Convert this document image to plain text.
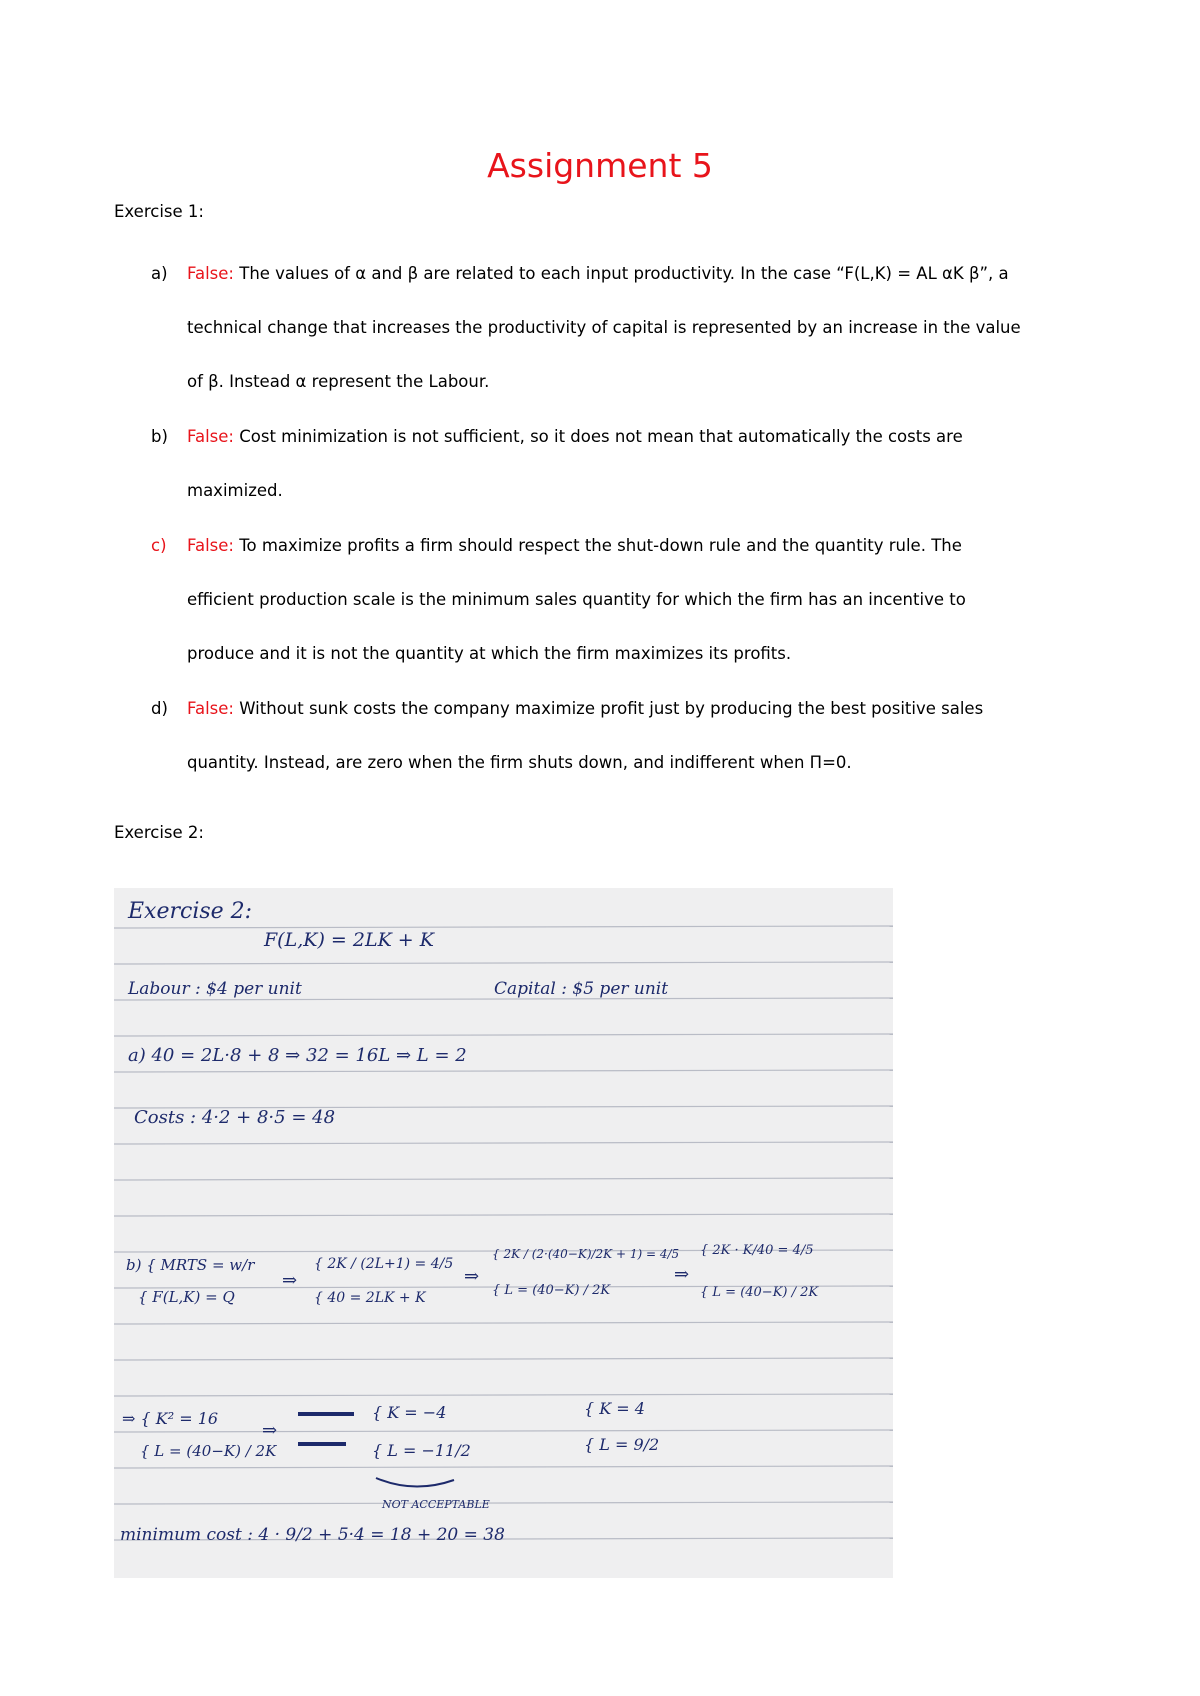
Assignment 5
Exercise 1:
a) False: The values of α and β are related to each input productivity. In the case “F(L,K) = AL αK β”, a
technical change that increases the productivity of capital is represented by an increase in the value
of β. Instead α represent the Labour.
b) False: Cost minimization is not sufficient, so it does not mean that automatically the costs are
maximized.
c) False: To maximize profits a firm should respect the shut-down rule and the quantity rule. The
efficient production scale is the minimum sales quantity for which the firm has an incentive to
produce and it is not the quantity at which the firm maximizes its profits.
d) False: Without sunk costs the company maximize profit just by producing the best positive sales
quantity. Instead, are zero when the firm shuts down, and indifferent when Π=0.
Exercise 2:
Exercise 2:
F(L,K) = 2LK + K
Labour : $4 per unit	Capital : $5 per unit
a) 40 = 2L·8 + 8 ⇒ 32 = 16L ⇒ L = 2
Costs : 4·2 + 8·5 = 48
b) { MRTS = w/r
{ F(L,K) = Q
⇒
{ 2K / (2L+1) = 4/5
{ 40 = 2LK + K
⇒
{ 2K / (2·(40−K)/2K + 1) = 4/5
{ L = (40−K) / 2K
⇒
{ 2K · K/40 = 4/5
{ L = (40−K) / 2K
⇒ { K² = 16
{ L = (40−K) / 2K
⇒
{ K = −4
{ L = −11/2
NOT ACCEPTABLE
{ K = 4
{ L = 9/2
minimum cost : 4 · 9/2 + 5·4 = 18 + 20 = 38
